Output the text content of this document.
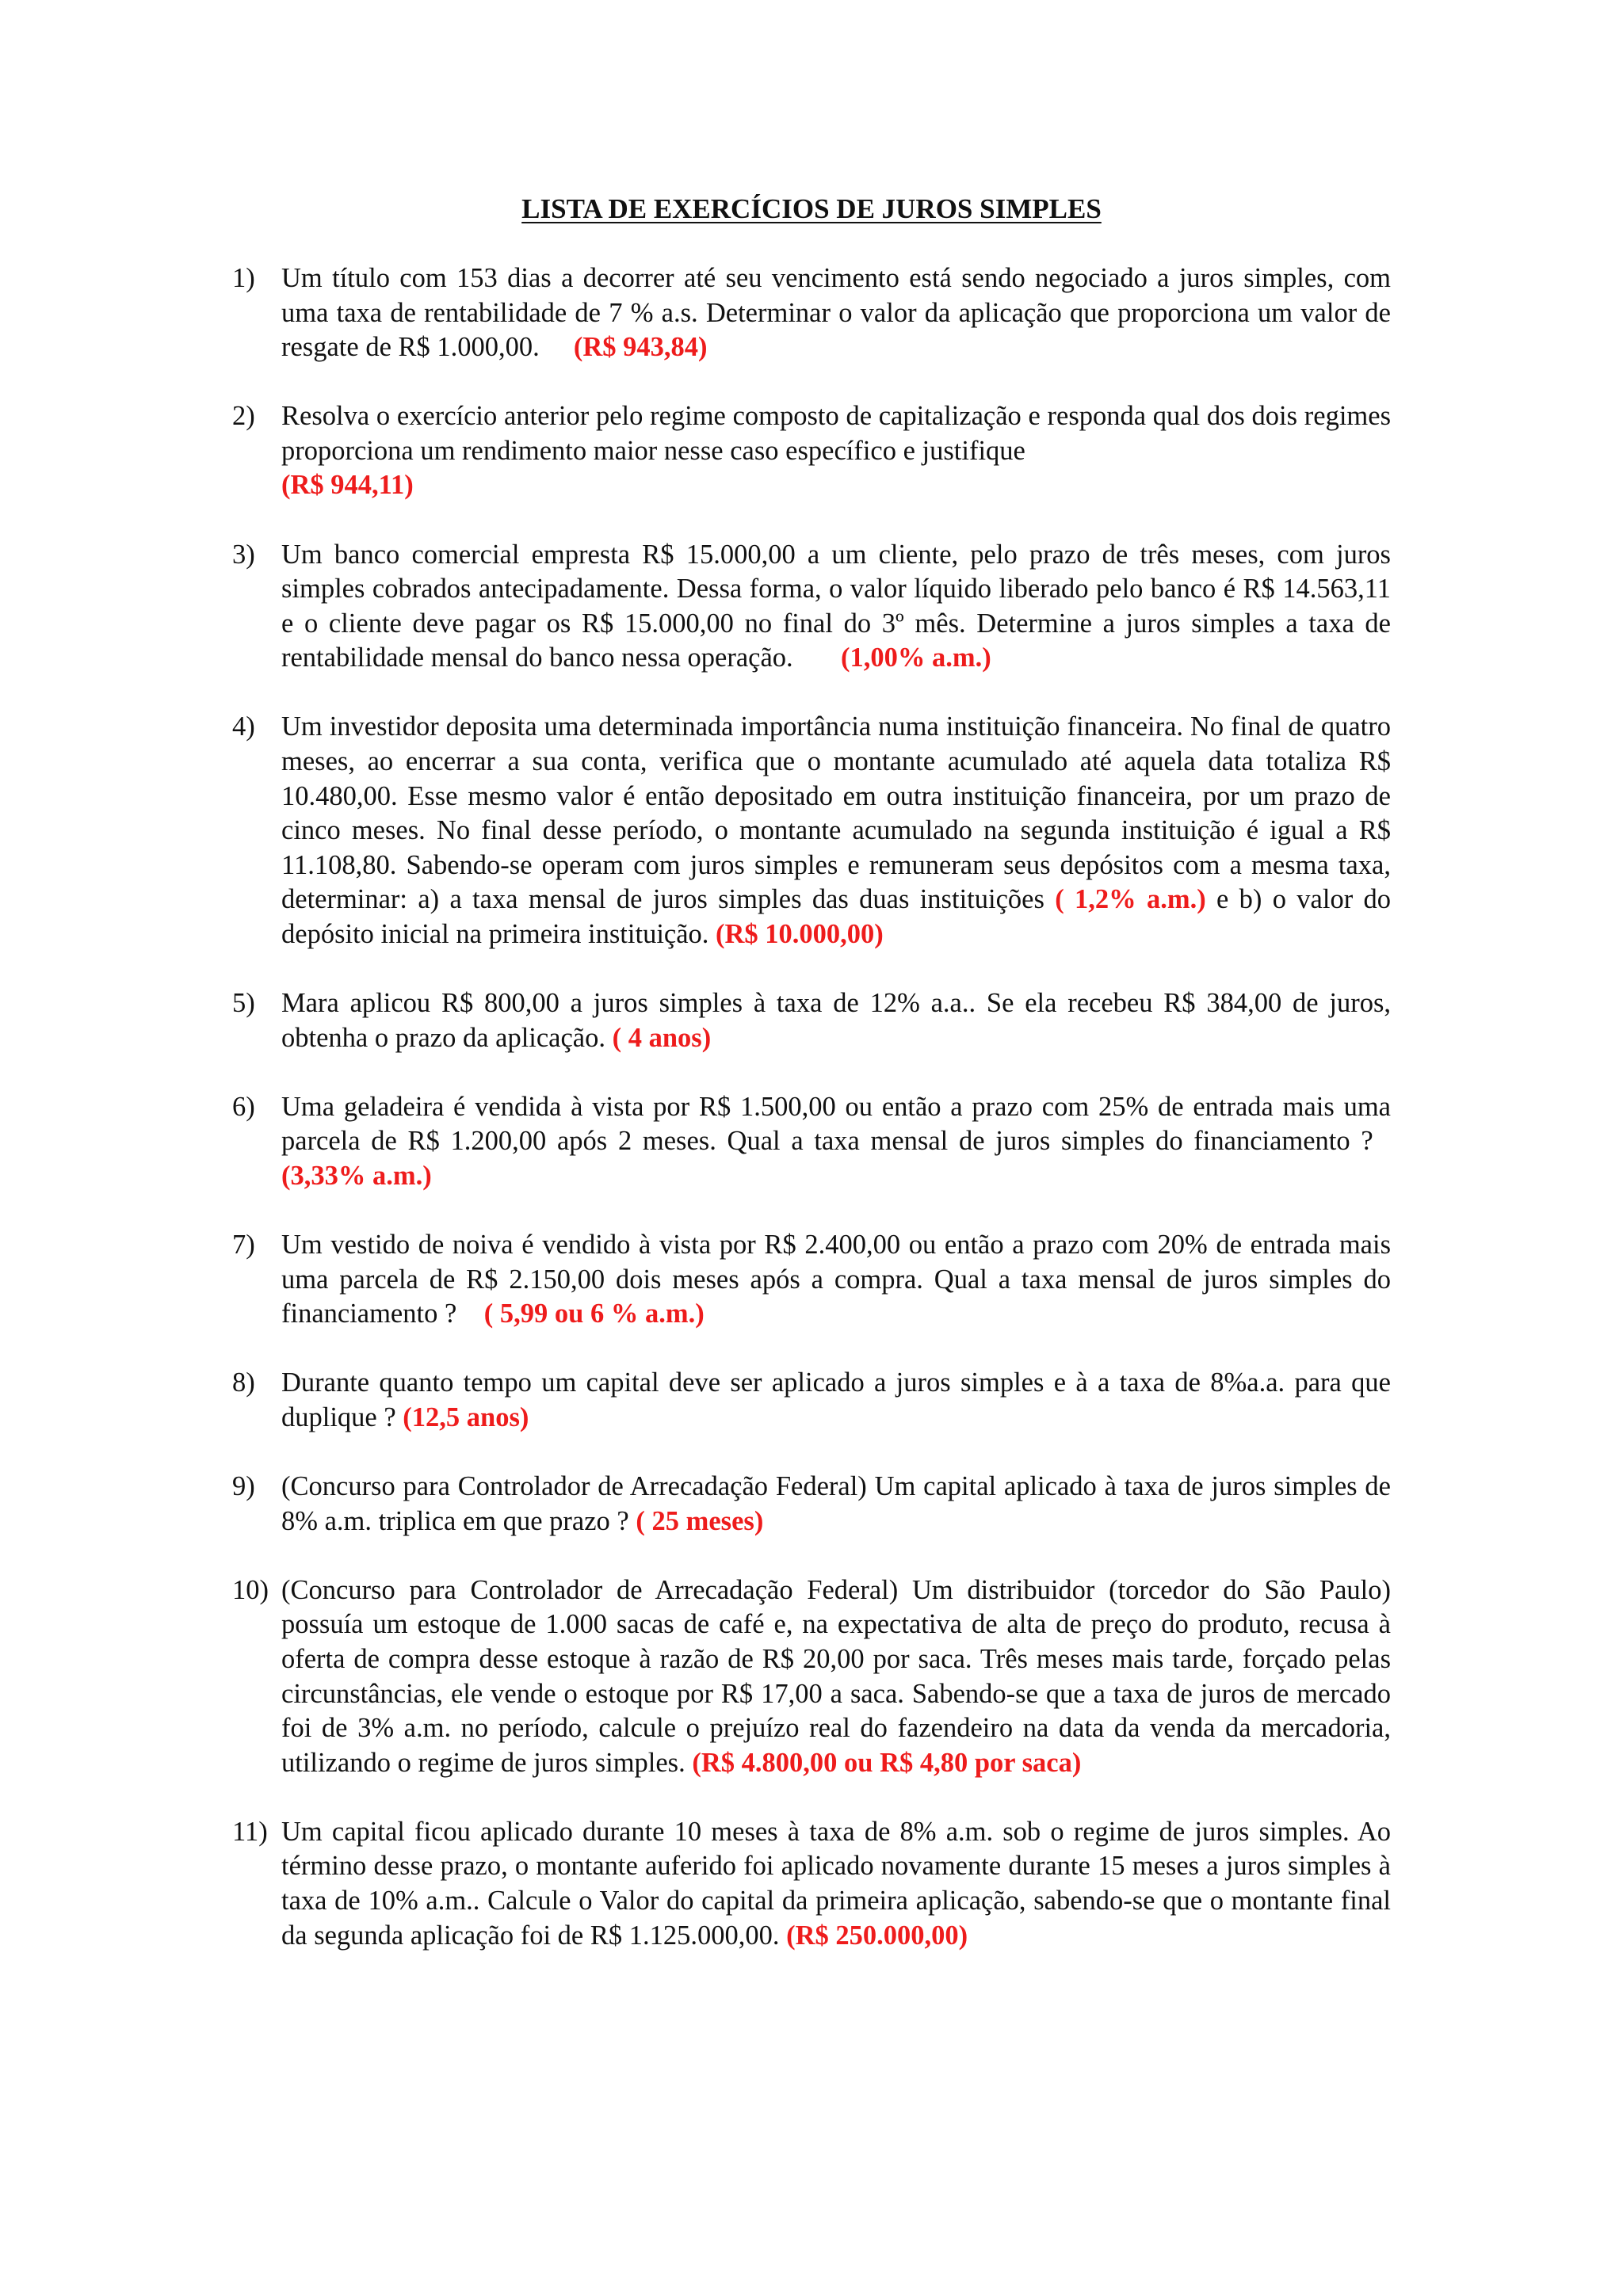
LISTA DE EXERCÍCIOS DE JUROS SIMPLES
1) Um título com 153 dias a decorrer até seu vencimento está sendo negociado a juros simples, com uma taxa de rentabilidade de 7 % a.s. Determinar o valor da aplicação que proporciona um valor de resgate de R$ 1.000,00. (R$ 943,84)
2) Resolva o exercício anterior pelo regime composto de capitalização e responda qual dos dois regimes proporciona um rendimento maior nesse caso específico e justifique
(R$ 944,11)
3) Um banco comercial empresta R$ 15.000,00 a um cliente, pelo prazo de três meses, com juros simples cobrados antecipadamente. Dessa forma, o valor líquido liberado pelo banco é R$ 14.563,11 e o cliente deve pagar os R$ 15.000,00 no final do 3º mês. Determine a juros simples a taxa de rentabilidade mensal do banco nessa operação. (1,00% a.m.)
4) Um investidor deposita uma determinada importância numa instituição financeira. No final de quatro meses, ao encerrar a sua conta, verifica que o montante acumulado até aquela data totaliza R$ 10.480,00. Esse mesmo valor é então depositado em outra instituição financeira, por um prazo de cinco meses. No final desse período, o montante acumulado na segunda instituição é igual a R$ 11.108,80. Sabendo-se operam com juros simples e remuneram seus depósitos com a mesma taxa, determinar: a) a taxa mensal de juros simples das duas instituições ( 1,2% a.m.) e b) o valor do depósito inicial na primeira instituição. (R$ 10.000,00)
5) Mara aplicou R$ 800,00 a juros simples à taxa de 12% a.a.. Se ela recebeu R$ 384,00 de juros, obtenha o prazo da aplicação. ( 4 anos)
6) Uma geladeira é vendida à vista por R$ 1.500,00 ou então a prazo com 25% de entrada mais uma parcela de R$ 1.200,00 após 2 meses. Qual a taxa mensal de juros simples do financiamento ?   (3,33% a.m.)
7) Um vestido de noiva é vendido à vista por R$ 2.400,00 ou então a prazo com 20% de entrada mais uma parcela de R$ 2.150,00 dois meses após a compra. Qual a taxa mensal de juros simples do financiamento ? ( 5,99 ou 6 % a.m.)
8) Durante quanto tempo um capital deve ser aplicado a juros simples e à a taxa de 8%a.a. para que duplique ? (12,5 anos)
9) (Concurso para Controlador de Arrecadação Federal) Um capital aplicado à taxa de juros simples de 8% a.m. triplica em que prazo ? ( 25 meses)
10) (Concurso para Controlador de Arrecadação Federal) Um distribuidor (torcedor do São Paulo) possuía um estoque de 1.000 sacas de café e, na expectativa de alta de preço do produto, recusa à oferta de compra desse estoque à razão de R$ 20,00 por saca. Três meses mais tarde, forçado pelas circunstâncias, ele vende o estoque por R$ 17,00 a saca. Sabendo-se que a taxa de juros de mercado foi de 3% a.m. no período, calcule o prejuízo real do fazendeiro na data da venda da mercadoria, utilizando o regime de juros simples. (R$ 4.800,00 ou R$ 4,80 por saca)
11) Um capital ficou aplicado durante 10 meses à taxa de 8% a.m. sob o regime de juros simples. Ao término desse prazo, o montante auferido foi aplicado novamente durante 15 meses a juros simples à taxa de 10% a.m.. Calcule o Valor do capital da primeira aplicação, sabendo-se que o montante final da segunda aplicação foi de R$ 1.125.000,00. (R$ 250.000,00)
